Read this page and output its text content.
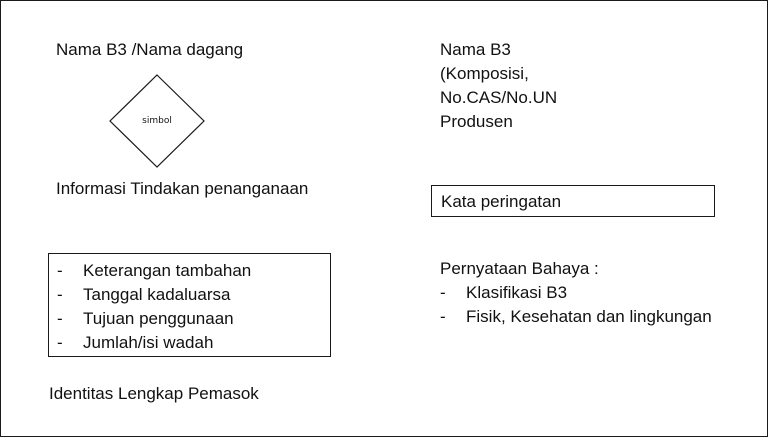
Nama B3 /Nama dagang
simbol
Informasi Tindakan penanganaan
- Keterangan tambahan
- Tanggal kadaluarsa
- Tujuan penggunaan
- Jumlah/isi wadah
Identitas Lengkap Pemasok
Nama B3
(Komposisi,
No.CAS/No.UN
Produsen
Kata peringatan
Pernyataan Bahaya :
- Klasifikasi B3
- Fisik, Kesehatan dan lingkungan
